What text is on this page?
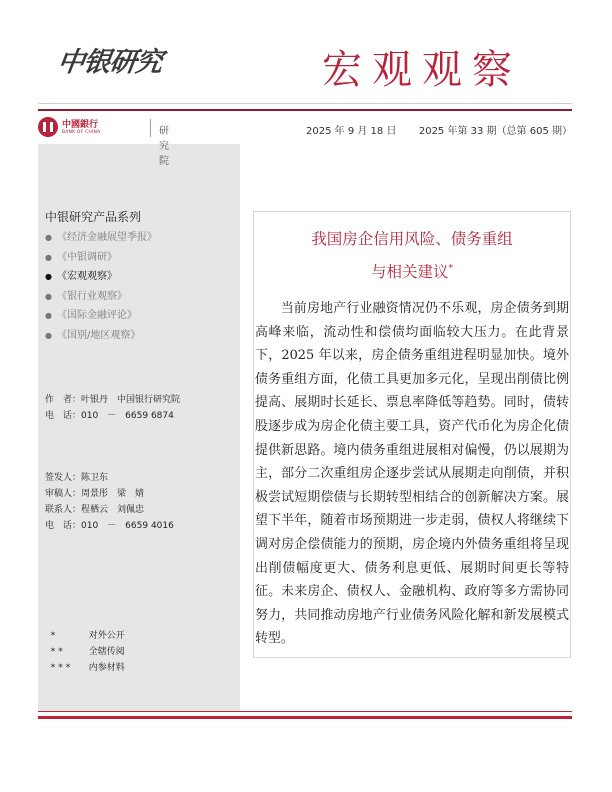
中银研究	宏观观察
中國銀行
BANK OF CHINA	研究院
2025 年 9 月 18 日 2025 年第 33 期（总第 605 期）
中银研究产品系列
● 《经济金融展望季报》
● 《中银调研》
● 《宏观观察》
● 《银行业观察》
● 《国际金融评论》
● 《国别/地区观察》
作　者：叶银丹　中国银行研究院
电　话：010　－　6659 6874
签发人：陈卫东
审稿人：周景彤　梁　婧
联系人：程栖云　刘佩忠
电　话：010　－　6659 4016

*	对外公开

**	全辖传阅

*** 内参材料

我国房企信用风险、债务重组
与相关建议*

当前房地产行业融资情况仍不乐观，房企债务到期高峰来临，流动性和偿债均面临较大压力。在此背景下，2025 年以来，房企债务重组进程明显加快。境外债务重组方面，化债工具更加多元化，呈现出削债比例提高、展期时长延长、票息率降低等趋势。同时，债转股逐步成为房企化债主要工具，资产代币化为房企化债提供新思路。境内债务重组进展相对偏慢，仍以展期为主，部分二次重组房企逐步尝试从展期走向削债，并积极尝试短期偿债与长期转型相结合的创新解决方案。展望下半年，随着市场预期进一步走弱，债权人将继续下调对房企偿债能力的预期，房企境内外债务重组将呈现出削债幅度更大、债务利息更低、展期时间更长等特征。未来房企、债权人、金融机构、政府等多方需协同努力，共同推动房地产行业债务风险化解和新发展模式转型。
